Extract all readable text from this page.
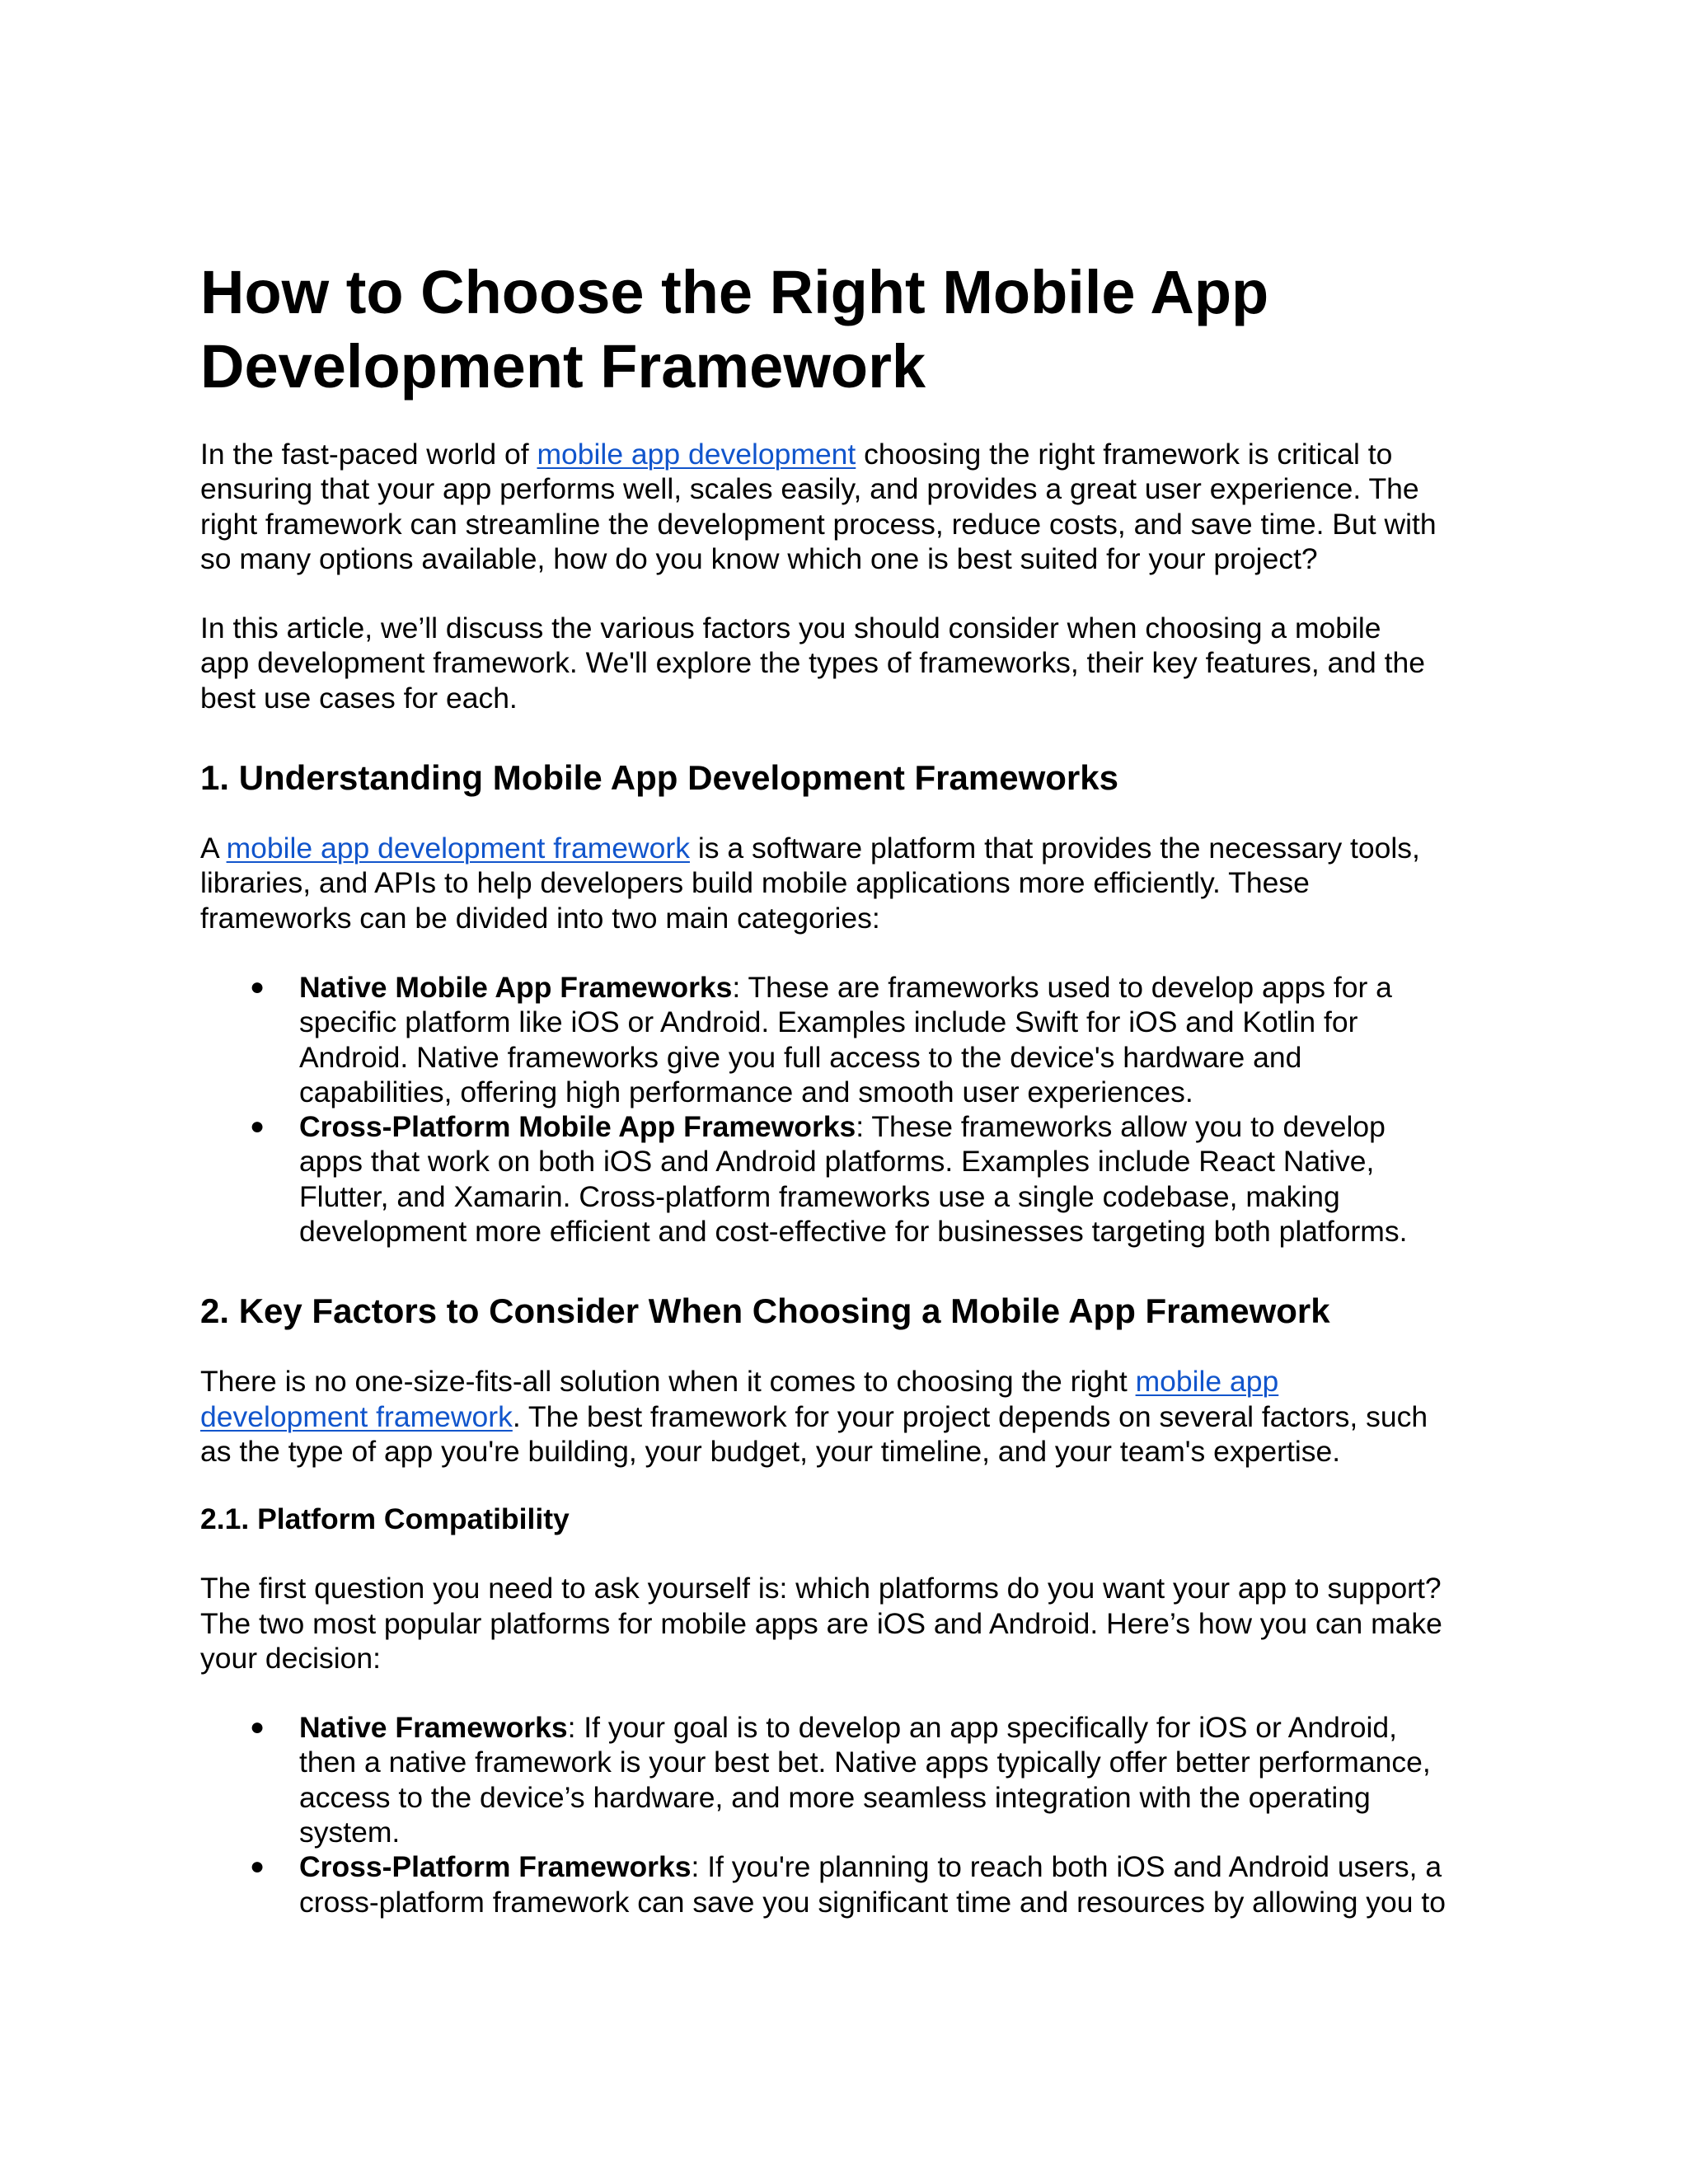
How to Choose the Right Mobile App
Development Framework

In the fast-paced world of mobile app development choosing the right framework is critical to
ensuring that your app performs well, scales easily, and provides a great user experience. The
right framework can streamline the development process, reduce costs, and save time. But with
so many options available, how do you know which one is best suited for your project?

In this article, we’ll discuss the various factors you should consider when choosing a mobile
app development framework. We'll explore the types of frameworks, their key features, and the
best use cases for each.

1. Understanding Mobile App Development Frameworks

A mobile app development framework is a software platform that provides the necessary tools,
libraries, and APIs to help developers build mobile applications more efficiently. These
frameworks can be divided into two main categories:

● Native Mobile App Frameworks: These are frameworks used to develop apps for a
specific platform like iOS or Android. Examples include Swift for iOS and Kotlin for
Android. Native frameworks give you full access to the device's hardware and
capabilities, offering high performance and smooth user experiences.
● Cross-Platform Mobile App Frameworks: These frameworks allow you to develop
apps that work on both iOS and Android platforms. Examples include React Native,
Flutter, and Xamarin. Cross-platform frameworks use a single codebase, making
development more efficient and cost-effective for businesses targeting both platforms.
2. Key Factors to Consider When Choosing a Mobile App Framework

There is no one-size-fits-all solution when it comes to choosing the right mobile app
development framework. The best framework for your project depends on several factors, such
as the type of app you're building, your budget, your timeline, and your team's expertise.

2.1. Platform Compatibility

The first question you need to ask yourself is: which platforms do you want your app to support?
The two most popular platforms for mobile apps are iOS and Android. Here’s how you can make
your decision:

● Native Frameworks: If your goal is to develop an app specifically for iOS or Android,
then a native framework is your best bet. Native apps typically offer better performance,
access to the device’s hardware, and more seamless integration with the operating
system.
● Cross-Platform Frameworks: If you're planning to reach both iOS and Android users, a
cross-platform framework can save you significant time and resources by allowing you to
